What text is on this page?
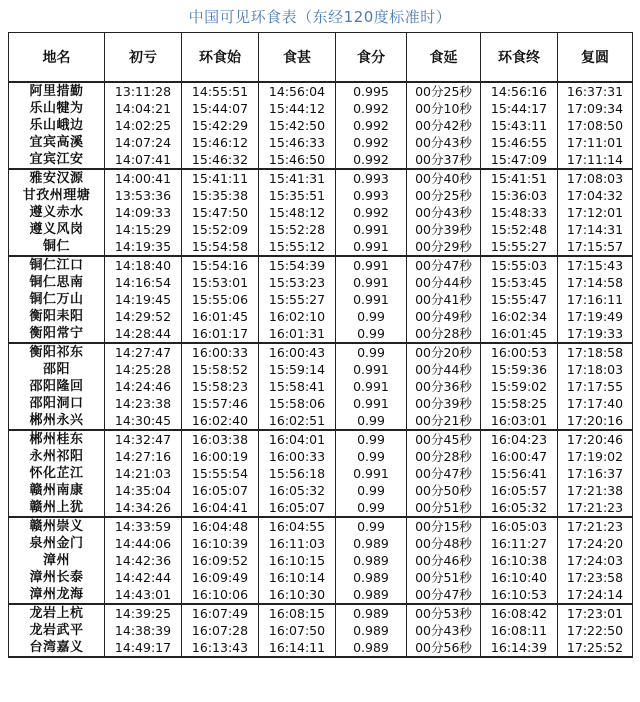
中国可见环食表（东经120度标准时）
地名	初亏	环食始	食甚	食分	食延	环食终	复圆
阿里措勤	13:11:28	14:55:51	14:56:04	0.995	00分25秒	14:56:16	16:37:31
乐山犍为	14:04:21	15:44:07	15:44:12	0.992	00分10秒	15:44:17	17:09:34
乐山峨边	14:02:25	15:42:29	15:42:50	0.992	00分42秒	15:43:11	17:08:50
宜宾高溪	14:07:24	15:46:12	15:46:33	0.992	00分43秒	15:46:55	17:11:01
宜宾江安	14:07:41	15:46:32	15:46:50	0.992	00分37秒	15:47:09	17:11:14
雅安汉源	14:00:41	15:41:11	15:41:31	0.993	00分40秒	15:41:51	17:08:03
甘孜州理塘	13:53:36	15:35:38	15:35:51	0.993	00分25秒	15:36:03	17:04:32
遵义赤水	14:09:33	15:47:50	15:48:12	0.992	00分43秒	15:48:33	17:12:01
遵义风岗	14:15:29	15:52:09	15:52:28	0.991	00分39秒	15:52:48	17:14:31
铜仁	14:19:35	15:54:58	15:55:12	0.991	00分29秒	15:55:27	17:15:57
铜仁江口	14:18:40	15:54:16	15:54:39	0.991	00分47秒	15:55:03	17:15:43
铜仁思南	14:16:54	15:53:01	15:53:23	0.991	00分44秒	15:53:45	17:14:58
铜仁万山	14:19:45	15:55:06	15:55:27	0.991	00分41秒	15:55:47	17:16:11
衡阳耒阳	14:29:52	16:01:45	16:02:10	0.99	00分49秒	16:02:34	17:19:49
衡阳常宁	14:28:44	16:01:17	16:01:31	0.99	00分28秒	16:01:45	17:19:33
衡阳祁东	14:27:47	16:00:33	16:00:43	0.99	00分20秒	16:00:53	17:18:58
邵阳	14:25:28	15:58:52	15:59:14	0.991	00分44秒	15:59:36	17:18:03
邵阳隆回	14:24:46	15:58:23	15:58:41	0.991	00分36秒	15:59:02	17:17:55
邵阳洞口	14:23:38	15:57:46	15:58:06	0.991	00分39秒	15:58:25	17:17:40
郴州永兴	14:30:45	16:02:40	16:02:51	0.99	00分21秒	16:03:01	17:20:16
郴州桂东	14:32:47	16:03:38	16:04:01	0.99	00分45秒	16:04:23	17:20:46
永州祁阳	14:27:16	16:00:19	16:00:33	0.99	00分28秒	16:00:47	17:19:02
怀化芷江	14:21:03	15:55:54	15:56:18	0.991	00分47秒	15:56:41	17:16:37
赣州南康	14:35:04	16:05:07	16:05:32	0.99	00分50秒	16:05:57	17:21:38
赣州上犹	14:34:26	16:04:41	16:05:07	0.99	00分51秒	16:05:32	17:21:23
赣州崇义	14:33:59	16:04:48	16:04:55	0.99	00分15秒	16:05:03	17:21:23
泉州金门	14:44:06	16:10:39	16:11:03	0.989	00分48秒	16:11:27	17:24:20
漳州	14:42:36	16:09:52	16:10:15	0.989	00分46秒	16:10:38	17:24:03
漳州长泰	14:42:44	16:09:49	16:10:14	0.989	00分51秒	16:10:40	17:23:58
漳州龙海	14:43:01	16:10:06	16:10:30	0.989	00分47秒	16:10:53	17:24:14
龙岩上杭	14:39:25	16:07:49	16:08:15	0.989	00分53秒	16:08:42	17:23:01
龙岩武平	14:38:39	16:07:28	16:07:50	0.989	00分43秒	16:08:11	17:22:50
台湾嘉义	14:49:17	16:13:43	16:14:11	0.989	00分56秒	16:14:39	17:25:52
